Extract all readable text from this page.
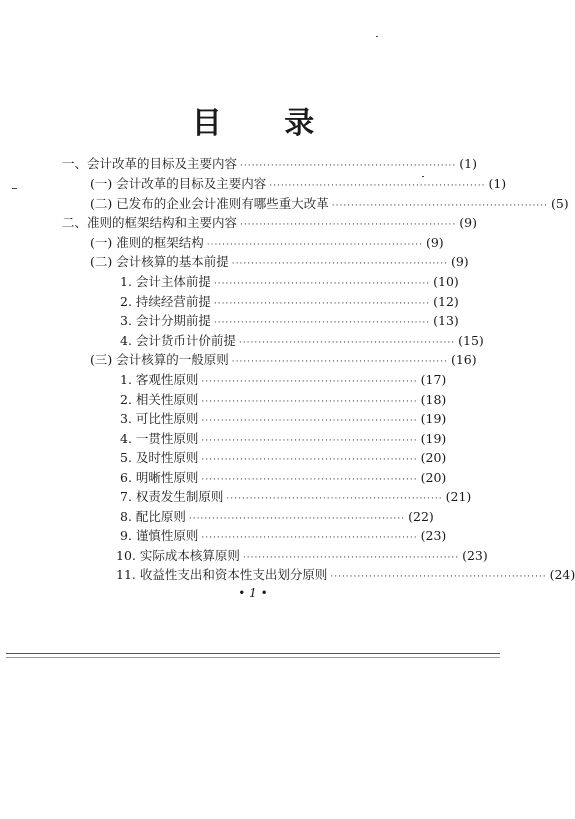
目 录
一、会计改革的目标及主要内容 ························································ (1)
(一) 会计改革的目标及主要内容 ························································ (1)
(二) 已发布的企业会计准则有哪些重大改革 ························································ (5)
二、准则的框架结构和主要内容 ························································ (9)
(一) 准则的框架结构 ························································ (9)
(二) 会计核算的基本前提 ························································ (9)
1. 会计主体前提 ························································ (10)
2. 持续经营前提 ························································ (12)
3. 会计分期前提 ························································ (13)
4. 会计货币计价前提 ························································ (15)
(三) 会计核算的一般原则 ························································ (16)
1. 客观性原则 ························································ (17)
2. 相关性原则 ························································ (18)
3. 可比性原则 ························································ (19)
4. 一贯性原则 ························································ (19)
5. 及时性原则 ························································ (20)
6. 明晰性原则 ························································ (20)
7. 权责发生制原则 ························································ (21)
8. 配比原则 ························································ (22)
9. 谨慎性原则 ························································ (23)
10. 实际成本核算原则 ························································ (23)
11. 收益性支出和资本性支出划分原则 ························································ (24)
• 1 •
